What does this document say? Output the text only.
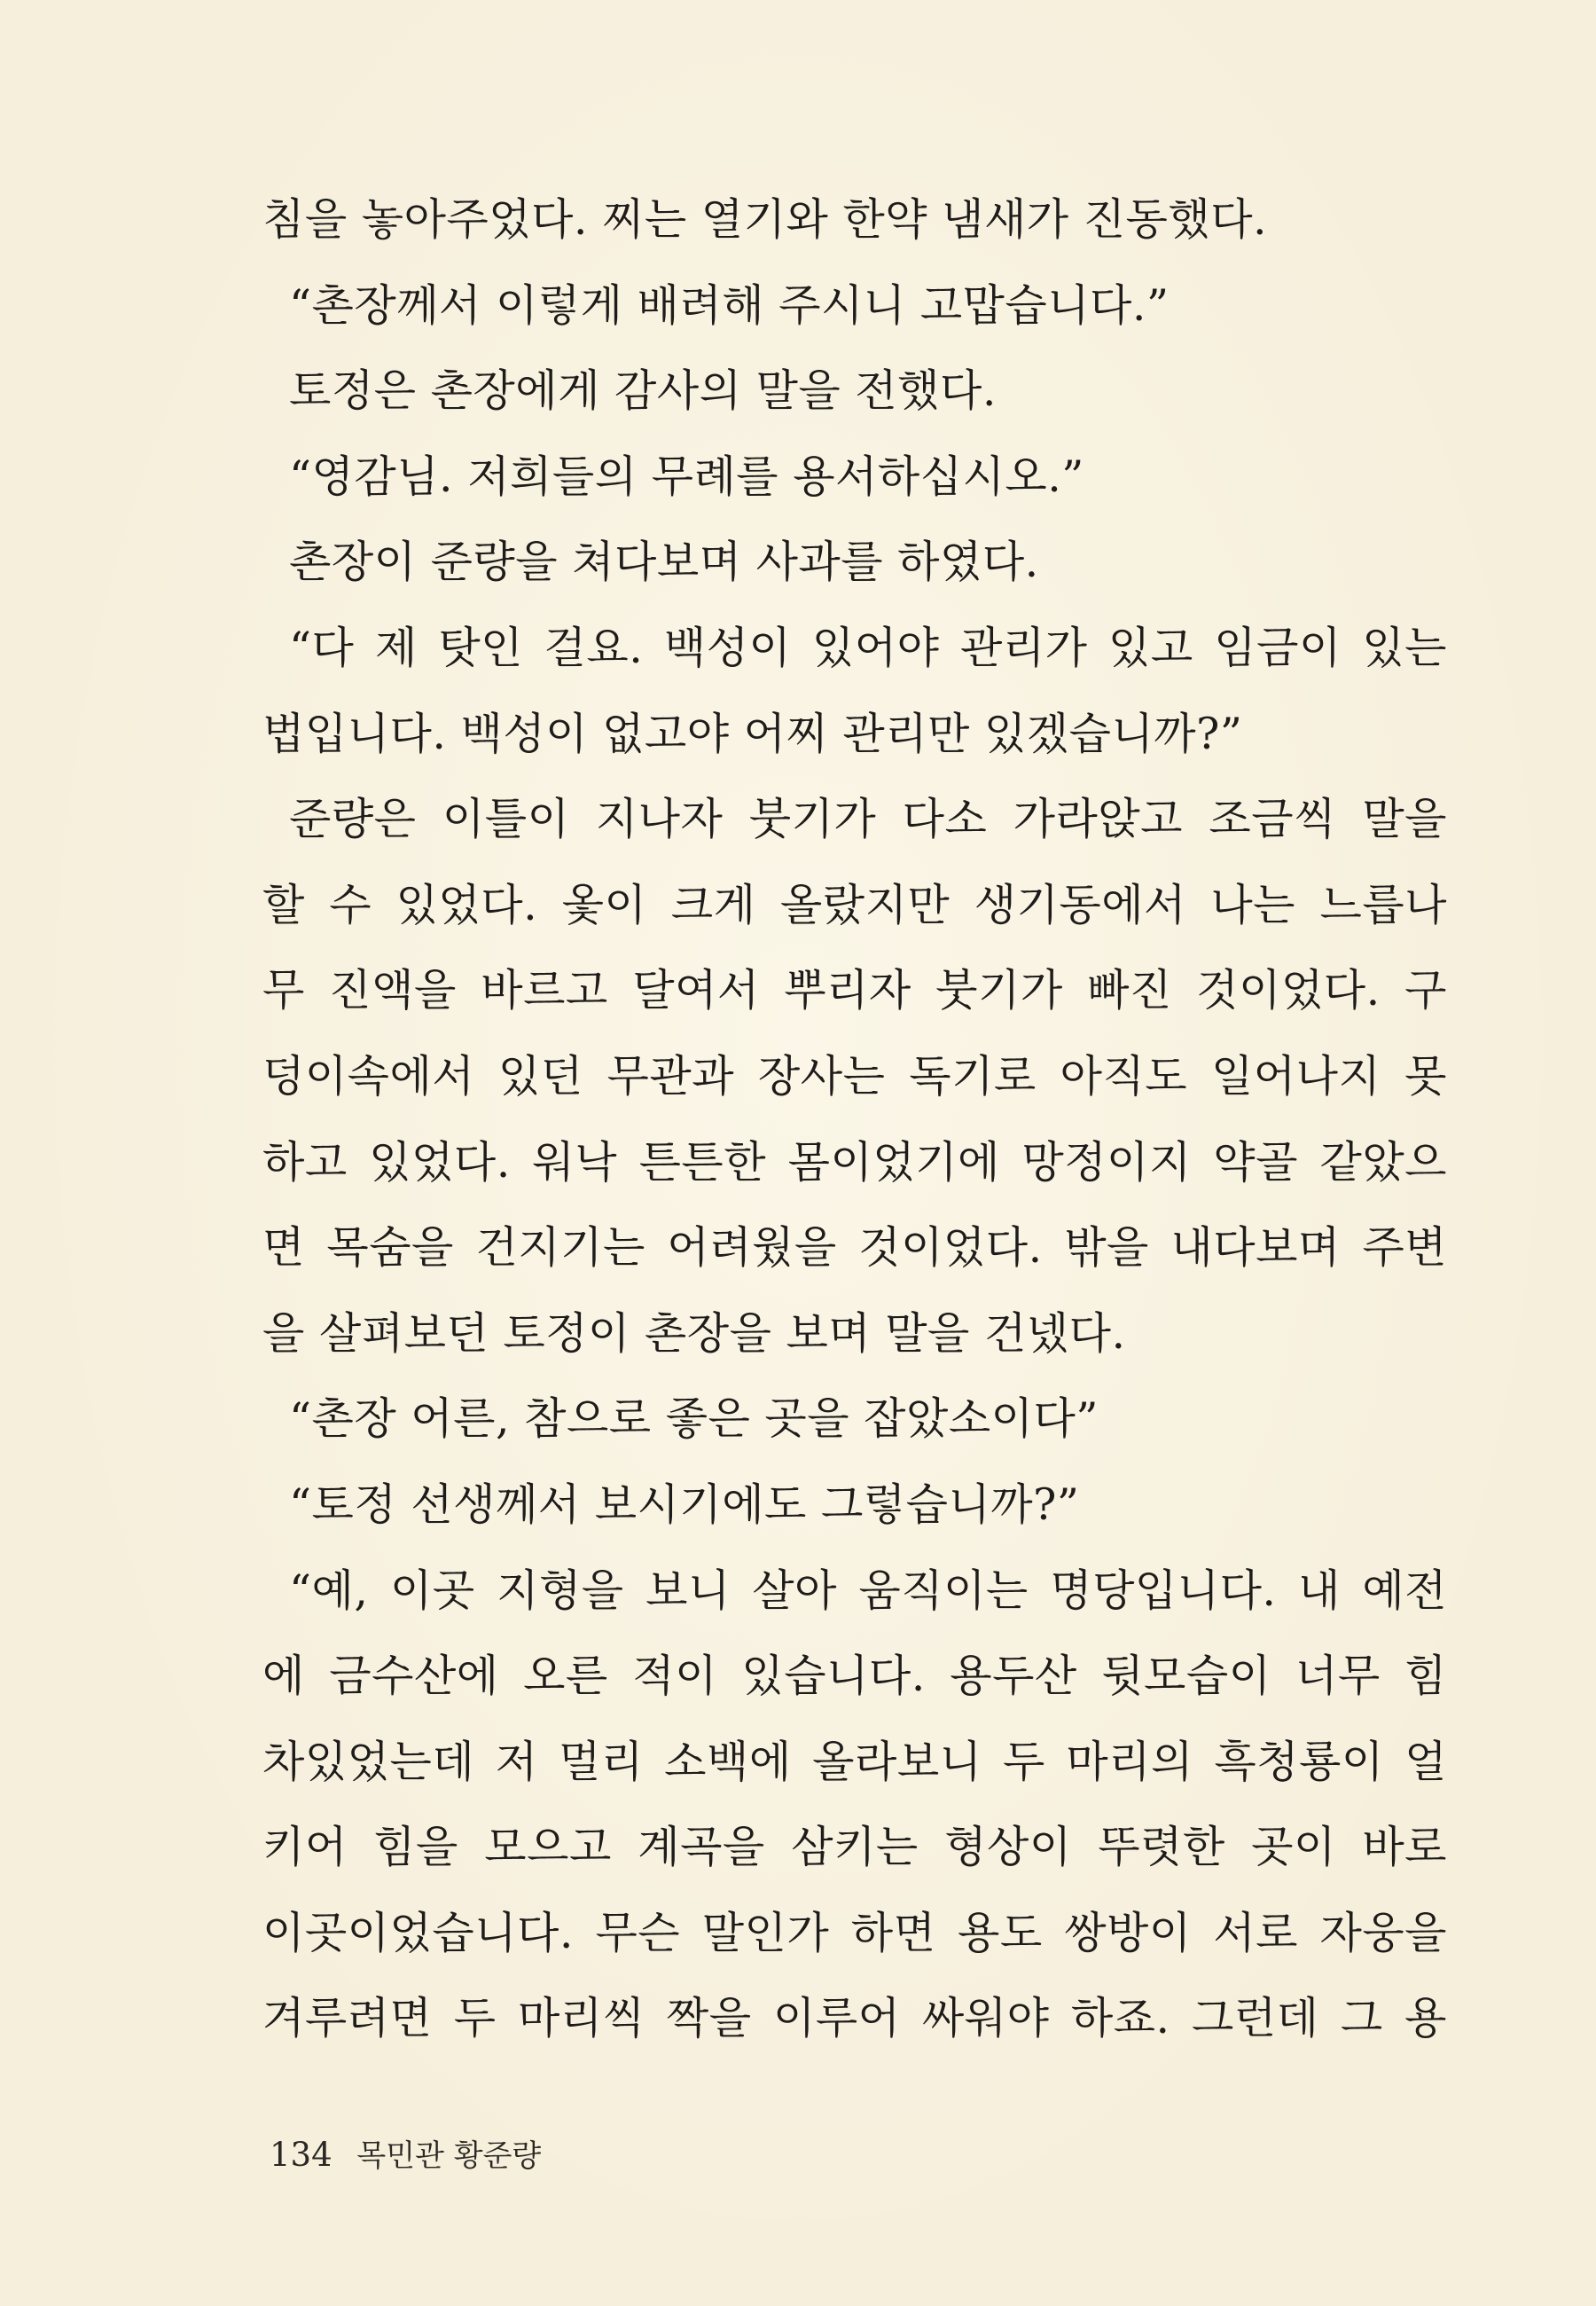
침을 놓아주었다. 찌는 열기와 한약 냄새가 진동했다.
“촌장께서 이렇게 배려해 주시니 고맙습니다.”
토정은 촌장에게 감사의 말을 전했다.
“영감님. 저희들의 무례를 용서하십시오.”
촌장이 준량을 쳐다보며 사과를 하였다.
“다 제 탓인 걸요. 백성이 있어야 관리가 있고 임금이 있는
법입니다. 백성이 없고야 어찌 관리만 있겠습니까?”
준량은 이틀이 지나자 붓기가 다소 가라앉고 조금씩 말을
할 수 있었다. 옻이 크게 올랐지만 생기동에서 나는 느릅나
무 진액을 바르고 달여서 뿌리자 붓기가 빠진 것이었다. 구
덩이속에서 있던 무관과 장사는 독기로 아직도 일어나지 못
하고 있었다. 워낙 튼튼한 몸이었기에 망정이지 약골 같았으
면 목숨을 건지기는 어려웠을 것이었다. 밖을 내다보며 주변
을 살펴보던 토정이 촌장을 보며 말을 건넸다.
“촌장 어른, 참으로 좋은 곳을 잡았소이다”
“토정 선생께서 보시기에도 그렇습니까?”
“예, 이곳 지형을 보니 살아 움직이는 명당입니다. 내 예전
에 금수산에 오른 적이 있습니다. 용두산 뒷모습이 너무 힘
차있었는데 저 멀리 소백에 올라보니 두 마리의 흑청룡이 얼
키어 힘을 모으고 계곡을 삼키는 형상이 뚜렷한 곳이 바로
이곳이었습니다. 무슨 말인가 하면 용도 쌍방이 서로 자웅을
겨루려면 두 마리씩 짝을 이루어 싸워야 하죠. 그런데 그 용
134 목민관 황준량
